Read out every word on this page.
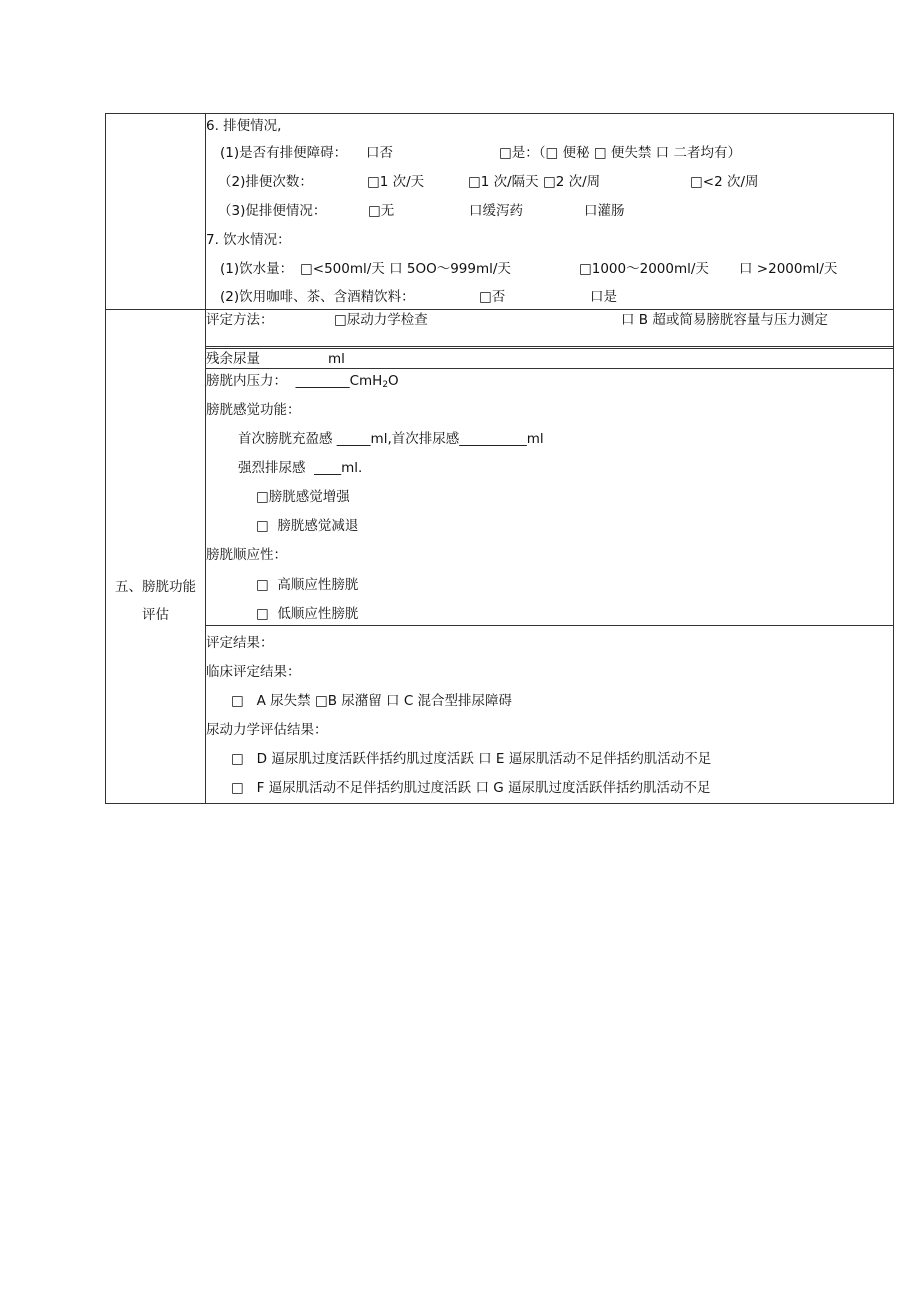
6. 排便情况,
(1)是否有排便障碍： 口否	□是：（□ 便秘 □ 便失禁 口 二者均有）
（2)排便次数：	□1 次/天	□1 次/隔天 □2 次/周	□<2 次/周
（3)促排便情况：	□无	口缓泻药	口灌肠
7. 饮水情况：
(1)饮水量： □<500ml/天 口 5OO～999ml/天	□1000～2000ml/天 口 >2000ml/天
(2)饮用咖啡、茶、含酒精饮料：	□否	口是
五、膀胱功能
评估
评定方法：	□尿动力学检查	口 B 超或简易膀胱容量与压力测定
残余尿量	ml
膀胱内压力：  ________CmH$_2$O
膀胱感觉功能：
首次膀胱充盈感 _____ml,首次排尿感__________ml
强烈排尿感  ____ml.
□膀胱感觉增强
□  膀胱感觉减退
膀胱顺应性：
□  高顺应性膀胱
□  低顺应性膀胱
评定结果：
临床评定结果：
□   A 尿失禁 □B 尿潴留 口 C 混合型排尿障碍
尿动力学评估结果：
□   D 逼尿肌过度活跃伴括约肌过度活跃 口 E 逼尿肌活动不足伴括约肌活动不足
□   F 逼尿肌活动不足伴括约肌过度活跃 口 G 逼尿肌过度活跃伴括约肌活动不足
